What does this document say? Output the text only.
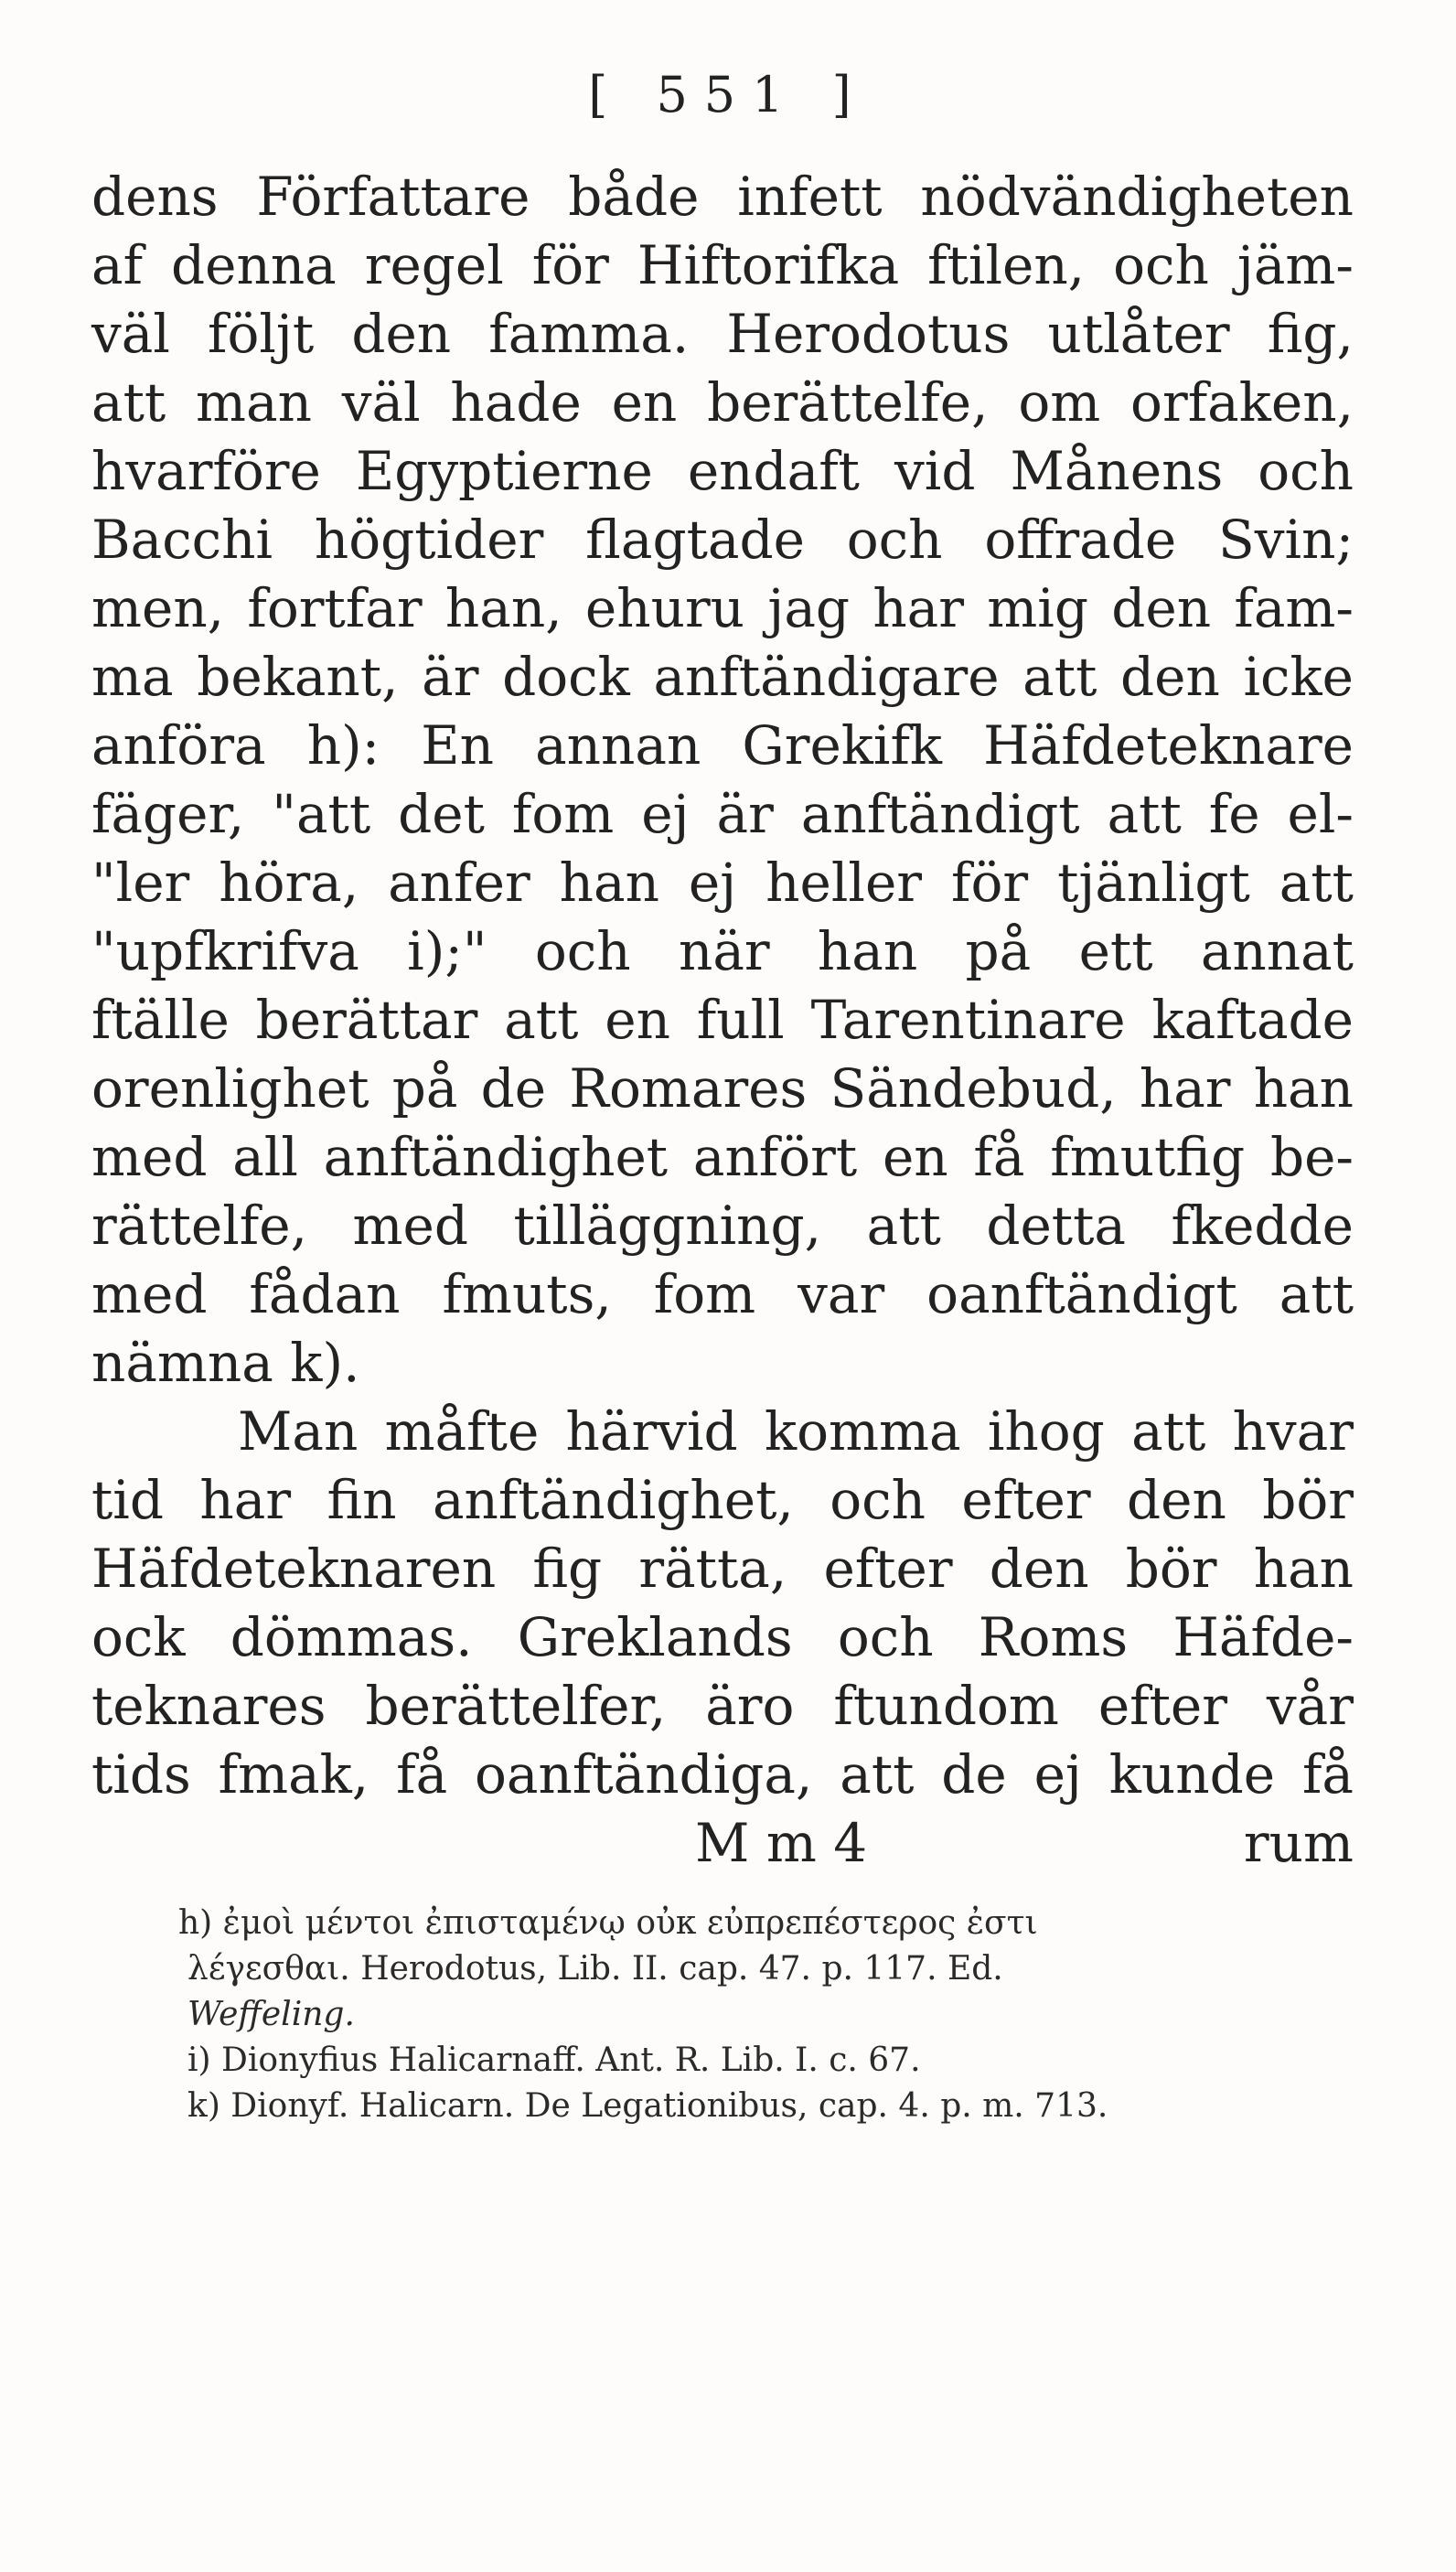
[ 551 ]
dens Författare både infett nödvändigheten
af denna regel för Hiftorifka ftilen, och jäm-
väl följt den famma. Herodotus utlåter fig,
att man väl hade en berättelfe, om orfaken,
hvarföre Egyptierne endaft vid Månens och
Bacchi högtider flagtade och offrade Svin;
men, fortfar han, ehuru jag har mig den fam-
ma bekant, är dock anftändigare att den icke
anföra h): En annan Grekifk Häfdeteknare
fäger, "att det fom ej är anftändigt att fe el-
"ler höra, anfer han ej heller för tjänligt att
"upfkrifva i);" och när han på ett annat
ftälle berättar att en full Tarentinare kaftade
orenlighet på de Romares Sändebud, har han
med all anftändighet anfört en få fmutfig be-
rättelfe, med tilläggning, att detta fkedde
med fådan fmuts, fom var oanftändigt att
nämna k).
Man måfte härvid komma ihog att hvar
tid har fin anftändighet, och efter den bör
Häfdeteknaren fig rätta, efter den bör han
ock dömmas. Greklands och Roms Häfde-
teknares berättelfer, äro ftundom efter vår
tids fmak, få oanftändiga, att de ej kunde få
M m 4	rum
h) ἐμοὶ μέντοι ἐπισταμένῳ οὐκ εὐπρεπέστερος ἐστι
λέγεσθαι. Herodotus, Lib. II. cap. 47. p. 117. Ed.
Weffeling.
i) Dionyfius Halicarnaff. Ant. R. Lib. I. c. 67.
k) Dionyf. Halicarn. De Legationibus, cap. 4. p. m. 713.
